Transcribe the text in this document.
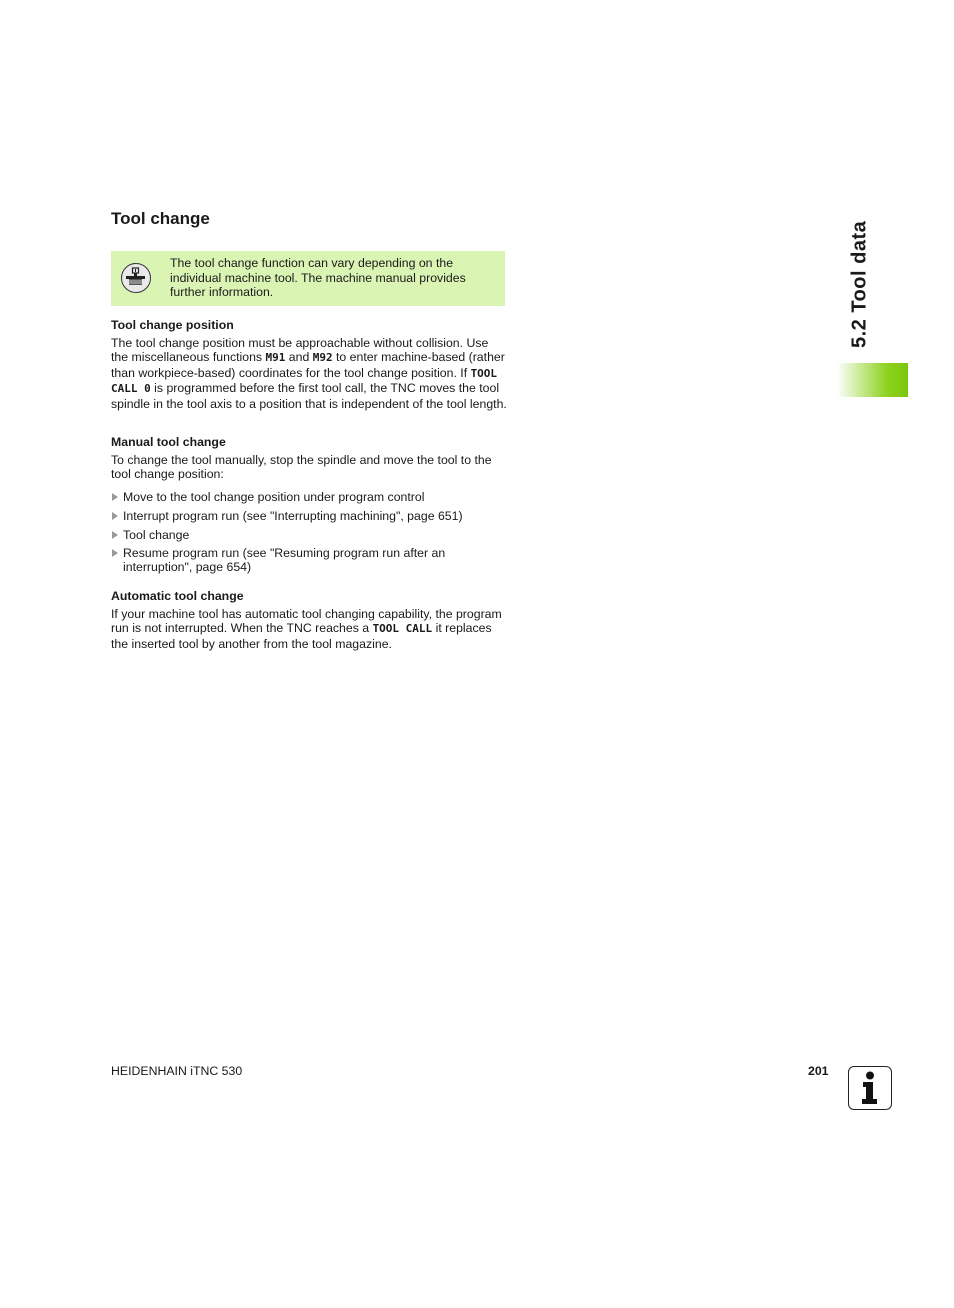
Tool change

The tool change function can vary depending on the individual machine tool. The machine manual provides further information.

Tool change position

The tool change position must be approachable without collision. Use the miscellaneous functions M91 and M92 to enter machine-based (rather than workpiece-based) coordinates for the tool change position. If TOOL CALL 0 is programmed before the first tool call, the TNC moves the tool spindle in the tool axis to a position that is independent of the tool length.

Manual tool change

To change the tool manually, stop the spindle and move the tool to the tool change position:

Move to the tool change position under program control
Interrupt program run (see "Interrupting machining", page 651)
Tool change
Resume program run (see "Resuming program run after an interruption", page 654)
Automatic tool change

If your machine tool has automatic tool changing capability, the program run is not interrupted. When the TNC reaches a TOOL CALL it replaces the inserted tool by another from the tool magazine.

5.2 Tool data
HEIDENHAIN iTNC 530	201
